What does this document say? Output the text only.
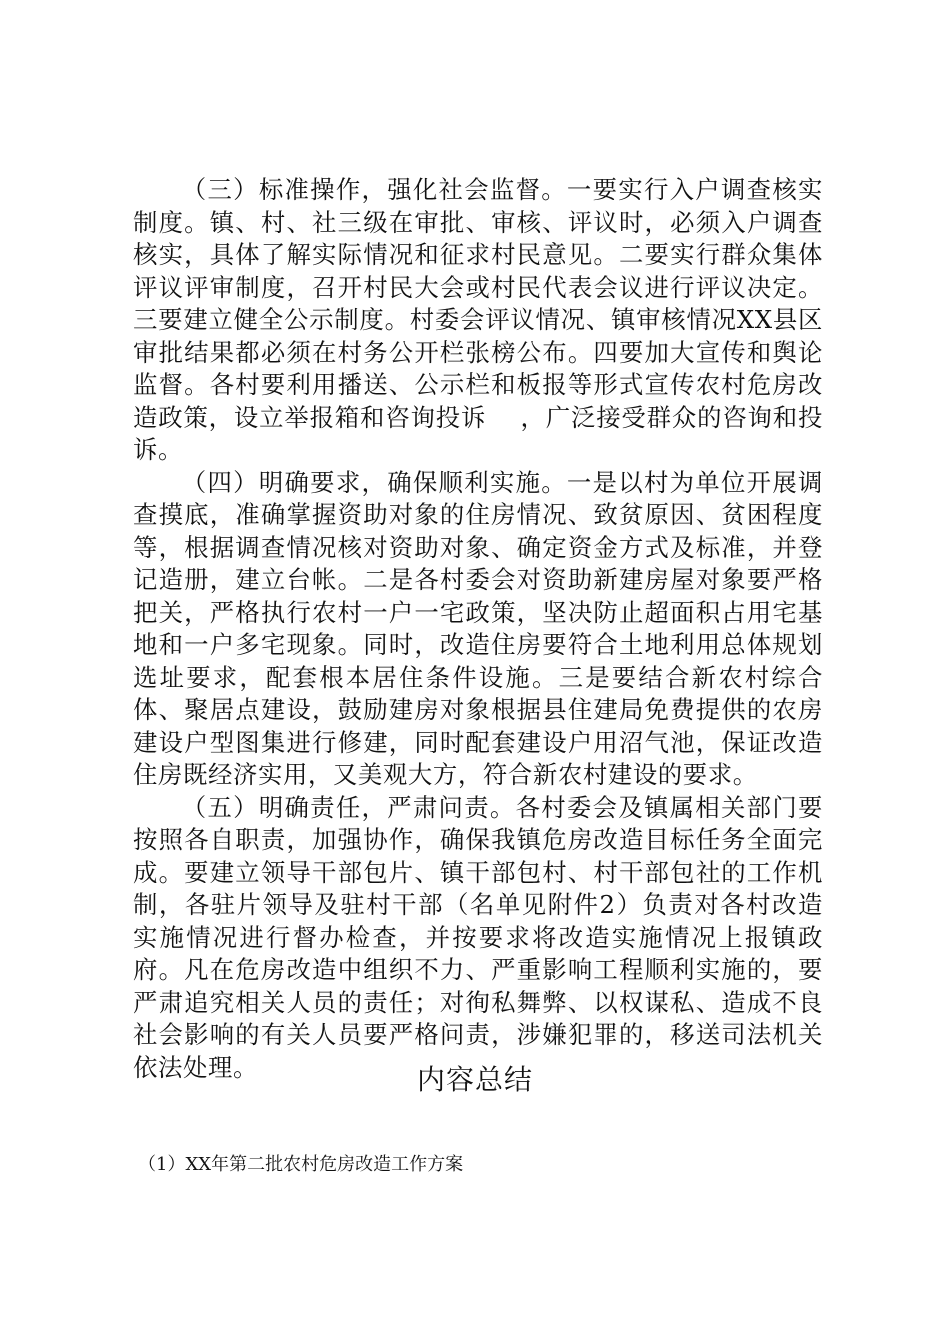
（三）标准操作，强化社会监督。一要实行入户调查核实制度。镇、村、社三级在审批、审核、评议时，必须入户调查核实，具体了解实际情况和征求村民意见。二要实行群众集体评议评审制度，召开村民大会或村民代表会议进行评议决定。三要建立健全公示制度。村委会评议情况、镇审核情况XX县区审批结果都必须在村务公开栏张榜公布。四要加大宣传和舆论监督。各村要利用播送、公示栏和板报等形式宣传农村危房改造政策，设立举报箱和咨询投诉    ，广泛接受群众的咨询和投诉。

（四）明确要求，确保顺利实施。一是以村为单位开展调查摸底，准确掌握资助对象的住房情况、致贫原因、贫困程度等，根据调查情况核对资助对象、确定资金方式及标准，并登记造册，建立台帐。二是各村委会对资助新建房屋对象要严格把关，严格执行农村一户一宅政策，坚决防止超面积占用宅基地和一户多宅现象。同时，改造住房要符合土地利用总体规划选址要求，配套根本居住条件设施。三是要结合新农村综合体、聚居点建设，鼓励建房对象根据县住建局免费提供的农房建设户型图集进行修建，同时配套建设户用沼气池，保证改造住房既经济实用，又美观大方，符合新农村建设的要求。

（五）明确责任，严肃问责。各村委会及镇属相关部门要按照各自职责，加强协作，确保我镇危房改造目标任务全面完成。要建立领导干部包片、镇干部包村、村干部包社的工作机制，各驻片领导及驻村干部（名单见附件2）负责对各村改造实施情况进行督办检查，并按要求将改造实施情况上报镇政府。凡在危房改造中组织不力、严重影响工程顺利实施的，要严肃追究相关人员的责任；对徇私舞弊、以权谋私、造成不良社会影响的有关人员要严格问责，涉嫌犯罪的，移送司法机关依法处理。	内容总结

（1）XX年第二批农村危房改造工作方案
